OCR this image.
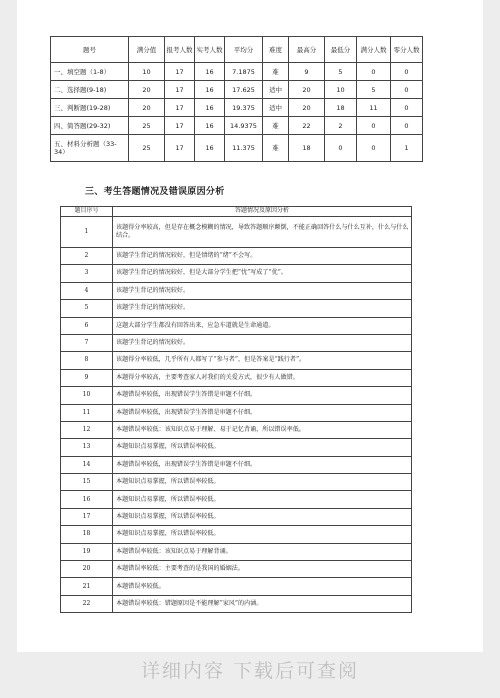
题号	满分值	报考人数	实考人数	平均分	难度	最高分	最低分	满分人数	零分人数
一、填空题（1-8）	10	17	16	7.1875	难	9	5	0	0
二、选择题(9-18)	20	17	16	17.625	适中	20	10	5	0
三、判断题(19-28)	20	17	16	19.375	适中	20	18	11	0
四、简答题(29-32)	25	17	16	14.9375	难	22	2	0	0
五、材料分析题（33-34）	25	17	16	11.375	难	18	0	0	1
三、考生答题情况及错误原因分析
题目序号	答题情况及原因分析
1	该题得分率较高，但是存在概念模糊的情况，导致答题顺序颠倒，不能正确回答什么与什么互补，什么与什么结合。
2	该题学生背记的情况较好，但是情绪的“绪”不会写。
3	该题学生背记的情况较好，但是大部分学生把“忧”写成了“优”。
4	该题学生背记的情况较好。
5	该题学生背记的情况较好。
6	这题大部分学生都没有回答出来，应急车道就是生命通道。
7	该题学生背记的情况较好。
8	该题得分率较低，几乎所有人都写了“参与者”，但是答案是“践行者”。
9	本题得分率较高，主要考查家人对我们的关爱方式，很少有人做错。
10	本题错误率较低，出现错误学生答错是审题不仔细。
11	本题错误率较低，出现错误学生答错是审题不仔细。
12	本题错误率较低：该知识点易于理解、易于记忆背诵，所以错误率低。
13	本题知识点易掌握，所以错误率较低。
14	本题错误率较低，出现错误学生答错是审题不仔细。
15	本题知识点易掌握，所以错误率较低。
16	本题知识点易掌握，所以错误率较低。
17	本题知识点易掌握，所以错误率较低。
18	本题知识点易掌握，所以错误率较低。
19	本题错误率较低：该知识点易于理解背诵。
20	本题错误率较低：主要考查的是我国的婚姻法。
21	本题错误率较低。
22	本题错误率较低：错题原因是不能理解“家风”的内涵。
详细内容 下载后可查阅
